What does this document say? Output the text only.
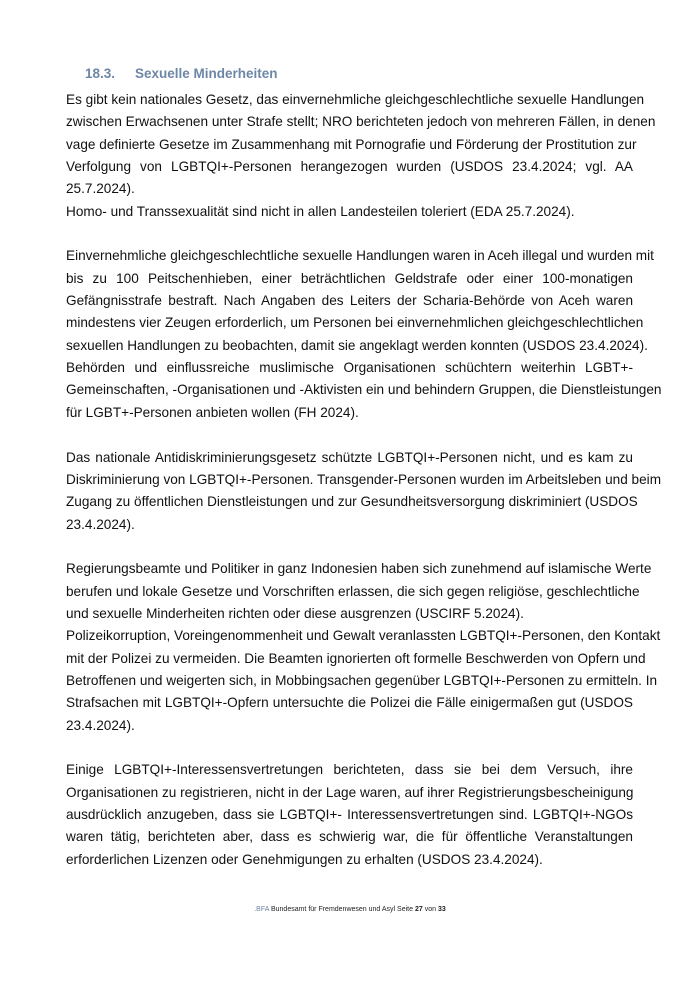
18.3. Sexuelle Minderheiten
Es gibt kein nationales Gesetz, das einvernehmliche gleichgeschlechtliche sexuelle Handlungen
zwischen Erwachsenen unter Strafe stellt; NRO berichteten jedoch von mehreren Fällen, in denen
vage definierte Gesetze im Zusammenhang mit Pornografie und Förderung der Prostitution zur
Verfolgung von LGBTQI+-Personen herangezogen wurden (USDOS 23.4.2024; vgl. AA
25.7.2024).
Homo- und Transsexualität sind nicht in allen Landesteilen toleriert (EDA 25.7.2024).
Einvernehmliche gleichgeschlechtliche sexuelle Handlungen waren in Aceh illegal und wurden mit
bis zu 100 Peitschenhieben, einer beträchtlichen Geldstrafe oder einer 100-monatigen
Gefängnisstrafe bestraft. Nach Angaben des Leiters der Scharia-Behörde von Aceh waren
mindestens vier Zeugen erforderlich, um Personen bei einvernehmlichen gleichgeschlechtlichen
sexuellen Handlungen zu beobachten, damit sie angeklagt werden konnten (USDOS 23.4.2024).
Behörden und einflussreiche muslimische Organisationen schüchtern weiterhin LGBT+-
Gemeinschaften, -Organisationen und -Aktivisten ein und behindern Gruppen, die Dienstleistungen
für LGBT+-Personen anbieten wollen (FH 2024).
Das nationale Antidiskriminierungsgesetz schützte LGBTQI+-Personen nicht, und es kam zu
Diskriminierung von LGBTQI+-Personen. Transgender-Personen wurden im Arbeitsleben und beim
Zugang zu öffentlichen Dienstleistungen und zur Gesundheitsversorgung diskriminiert (USDOS
23.4.2024).
Regierungsbeamte und Politiker in ganz Indonesien haben sich zunehmend auf islamische Werte
berufen und lokale Gesetze und Vorschriften erlassen, die sich gegen religiöse, geschlechtliche
und sexuelle Minderheiten richten oder diese ausgrenzen (USCIRF 5.2024).
Polizeikorruption, Voreingenommenheit und Gewalt veranlassten LGBTQI+-Personen, den Kontakt
mit der Polizei zu vermeiden. Die Beamten ignorierten oft formelle Beschwerden von Opfern und
Betroffenen und weigerten sich, in Mobbingsachen gegenüber LGBTQI+-Personen zu ermitteln. In
Strafsachen mit LGBTQI+-Opfern untersuchte die Polizei die Fälle einigermaßen gut (USDOS
23.4.2024).
Einige LGBTQI+-Interessensvertretungen berichteten, dass sie bei dem Versuch, ihre
Organisationen zu registrieren, nicht in der Lage waren, auf ihrer Registrierungsbescheinigung
ausdrücklich anzugeben, dass sie LGBTQI+- Interessensvertretungen sind. LGBTQI+-NGOs
waren tätig, berichteten aber, dass es schwierig war, die für öffentliche Veranstaltungen
erforderlichen Lizenzen oder Genehmigungen zu erhalten (USDOS 23.4.2024).
.BFA Bundesamt für Fremdenwesen und Asyl Seite 27 von 33
